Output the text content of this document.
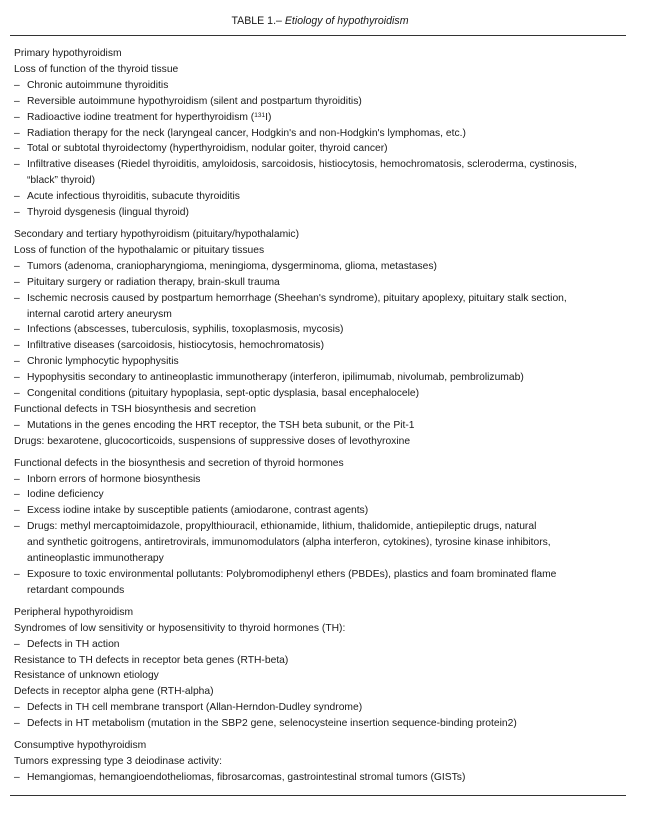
TABLE 1.– Etiology of hypothyroidism
Primary hypothyroidism
Loss of function of the thyroid tissue
– Chronic autoimmune thyroiditis
– Reversible autoimmune hypothyroidism (silent and postpartum thyroiditis)
– Radioactive iodine treatment for hyperthyroidism ($^{131}$I)
– Radiation therapy for the neck (laryngeal cancer, Hodgkin's and non-Hodgkin's lymphomas, etc.)
– Total or subtotal thyroidectomy (hyperthyroidism, nodular goiter, thyroid cancer)
– Infiltrative diseases (Riedel thyroiditis, amyloidosis, sarcoidosis, histiocytosis, hemochromatosis, scleroderma, cystinosis,
“black” thyroid)
– Acute infectious thyroiditis, subacute thyroiditis
– Thyroid dysgenesis (lingual thyroid)
Secondary and tertiary hypothyroidism (pituitary/hypothalamic)
Loss of function of the hypothalamic or pituitary tissues
– Tumors (adenoma, craniopharyngioma, meningioma, dysgerminoma, glioma, metastases)
– Pituitary surgery or radiation therapy, brain-skull trauma
– Ischemic necrosis caused by postpartum hemorrhage (Sheehan's syndrome), pituitary apoplexy, pituitary stalk section,
internal carotid artery aneurysm
– Infections (abscesses, tuberculosis, syphilis, toxoplasmosis, mycosis)
– Infiltrative diseases (sarcoidosis, histiocytosis, hemochromatosis)
– Chronic lymphocytic hypophysitis
– Hypophysitis secondary to antineoplastic immunotherapy (interferon, ipilimumab, nivolumab, pembrolizumab)
– Congenital conditions (pituitary hypoplasia, sept-optic dysplasia, basal encephalocele)
Functional defects in TSH biosynthesis and secretion
– Mutations in the genes encoding the HRT receptor, the TSH beta subunit, or the Pit-1
Drugs: bexarotene, glucocorticoids, suspensions of suppressive doses of levothyroxine
Functional defects in the biosynthesis and secretion of thyroid hormones
– Inborn errors of hormone biosynthesis
– Iodine deficiency
– Excess iodine intake by susceptible patients (amiodarone, contrast agents)
– Drugs: methyl mercaptoimidazole, propylthiouracil, ethionamide, lithium, thalidomide, antiepileptic drugs, natural
and synthetic goitrogens, antiretrovirals, immunomodulators (alpha interferon, cytokines), tyrosine kinase inhibitors,
antineoplastic immunotherapy
– Exposure to toxic environmental pollutants: Polybromodiphenyl ethers (PBDEs), plastics and foam brominated flame
retardant compounds
Peripheral hypothyroidism
Syndromes of low sensitivity or hyposensitivity to thyroid hormones (TH):
– Defects in TH action
Resistance to TH defects in receptor beta genes (RTH-beta)
Resistance of unknown etiology
Defects in receptor alpha gene (RTH-alpha)
– Defects in TH cell membrane transport (Allan-Herndon-Dudley syndrome)
– Defects in HT metabolism (mutation in the SBP2 gene, selenocysteine insertion sequence-binding protein2)
Consumptive hypothyroidism
Tumors expressing type 3 deiodinase activity:
– Hemangiomas, hemangioendotheliomas, fibrosarcomas, gastrointestinal stromal tumors (GISTs)
